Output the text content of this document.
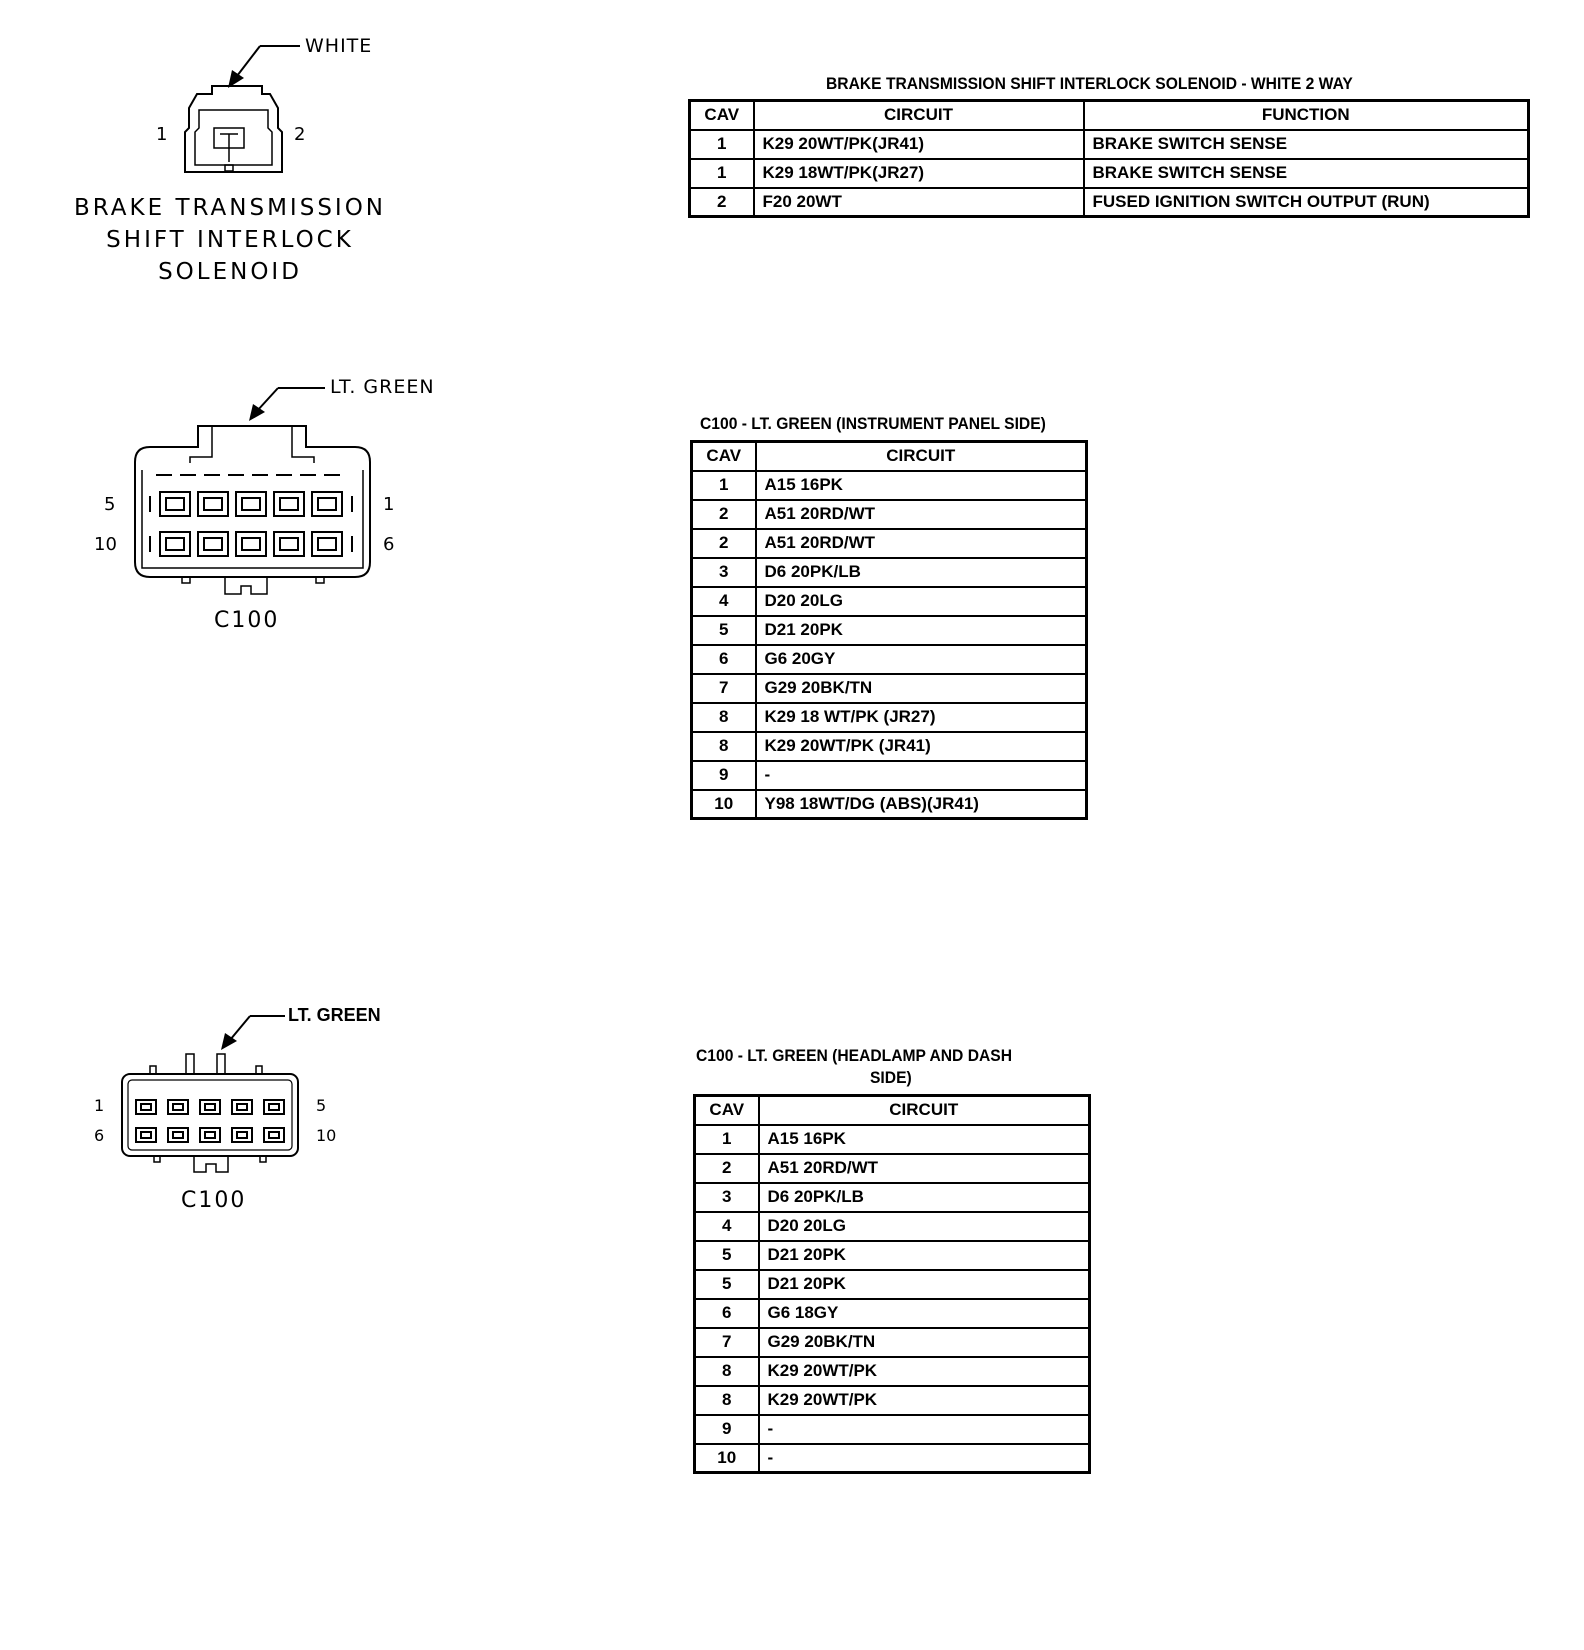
WHITE
1	2
BRAKE TRANSMISSION
SHIFT INTERLOCK
SOLENOID
LT. GREEN
5	1
10	6
C100
LT. GREEN
1	5
6	10
C100
BRAKE TRANSMISSION SHIFT INTERLOCK SOLENOID - WHITE 2 WAY
CAV	CIRCUIT	FUNCTION
1	K29 20WT/PK(JR41)	BRAKE SWITCH SENSE
1	K29 18WT/PK(JR27)	BRAKE SWITCH SENSE
2	F20 20WT	FUSED IGNITION SWITCH OUTPUT (RUN)
C100 - LT. GREEN (INSTRUMENT PANEL SIDE)
CAV	CIRCUIT
1	A15 16PK
2	A51 20RD/WT
2	A51 20RD/WT
3	D6 20PK/LB
4	D20 20LG
5	D21 20PK
6	G6 20GY
7	G29 20BK/TN
8	K29 18 WT/PK (JR27)
8	K29 20WT/PK (JR41)
9	-
10	Y98 18WT/DG (ABS)(JR41)
C100 - LT. GREEN (HEADLAMP AND DASH
SIDE)
CAV	CIRCUIT
1	A15 16PK
2	A51 20RD/WT
3	D6 20PK/LB
4	D20 20LG
5	D21 20PK
5	D21 20PK
6	G6 18GY
7	G29 20BK/TN
8	K29 20WT/PK
8	K29 20WT/PK
9	-
10	-
